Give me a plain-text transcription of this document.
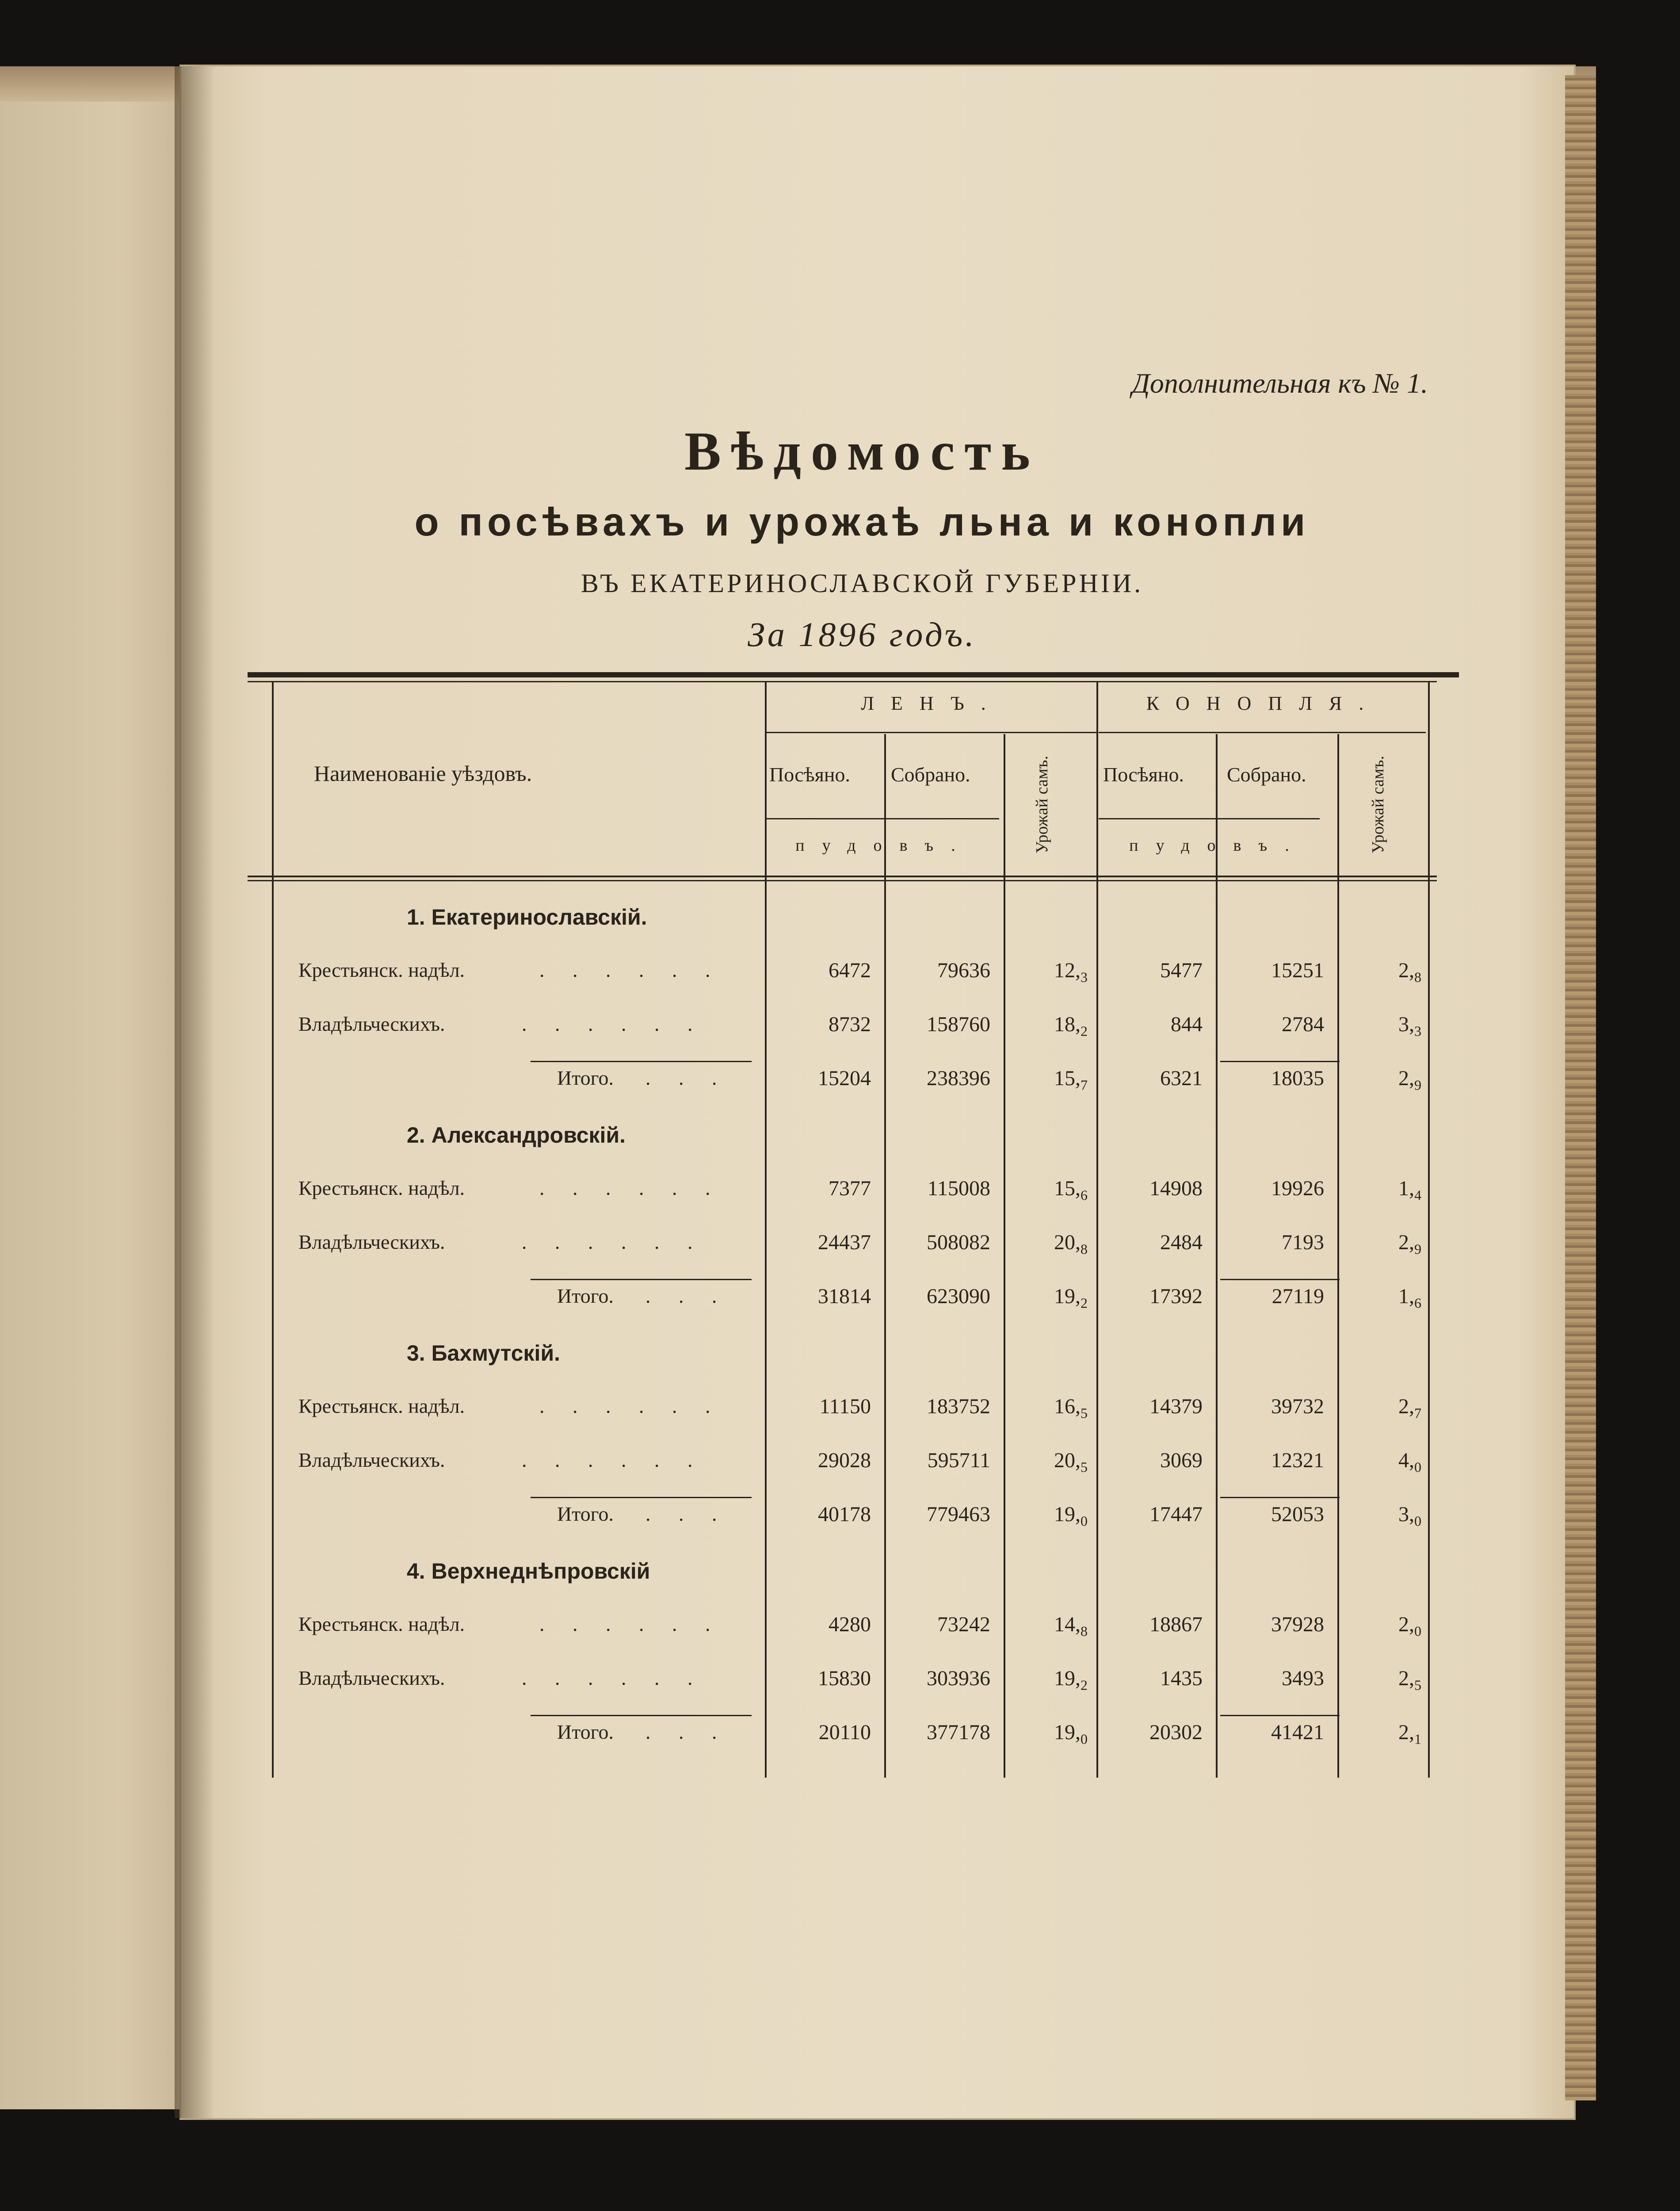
Дополнительная къ № 1.
Вѣдомость
о посѣвахъ и урожаѣ льна и конопли
ВЪ ЕКАТЕРИНОСЛАВСКОЙ ГУБЕРНІИ.
За 1896 годъ.
Наименованіе уѣздовъ.
ЛЕНЪ.	КОНОПЛЯ.
Посѣяно. Собрано.	Урожай самъ.
пудовъ.
Посѣяно. Собрано.	Урожай самъ.
пудовъ.
1. Екатеринославскій.
Крестьянск. надѣл.	. . . . . .	6472	79636	$12,_3$	5477	15251	$2,_8$
Владѣльческихъ.	. . . . . .	8732	158760	$18,_2$	844	2784	$3,_3$
Итого. . . .	15204	238396	$15,_7$	6321	18035	$2,_9$
2. Александровскій.
Крестьянск. надѣл.	. . . . . .	7377	115008	$15,_6$	14908	19926	$1,_4$
Владѣльческихъ.	. . . . . .	24437	508082	$20,_8$	2484	7193	$2,_9$
Итого. . . .	31814	623090	$19,_2$	17392	27119	$1,_6$
3. Бахмутскій.
Крестьянск. надѣл.	. . . . . .	11150	183752	$16,_5$	14379	39732	$2,_7$
Владѣльческихъ.	. . . . . .	29028	595711	$20,_5$	3069	12321	$4,_0$
Итого. . . .	40178	779463	$19,_0$	17447	52053	$3,_0$
4. Верхнеднѣпровскій
Крестьянск. надѣл.	. . . . . .	4280	73242	$14,_8$	18867	37928	$2,_0$
Владѣльческихъ.	. . . . . .	15830	303936	$19,_2$	1435	3493	$2,_5$
Итого. . . .	20110	377178	$19,_0$	20302	41421	$2,_1$
